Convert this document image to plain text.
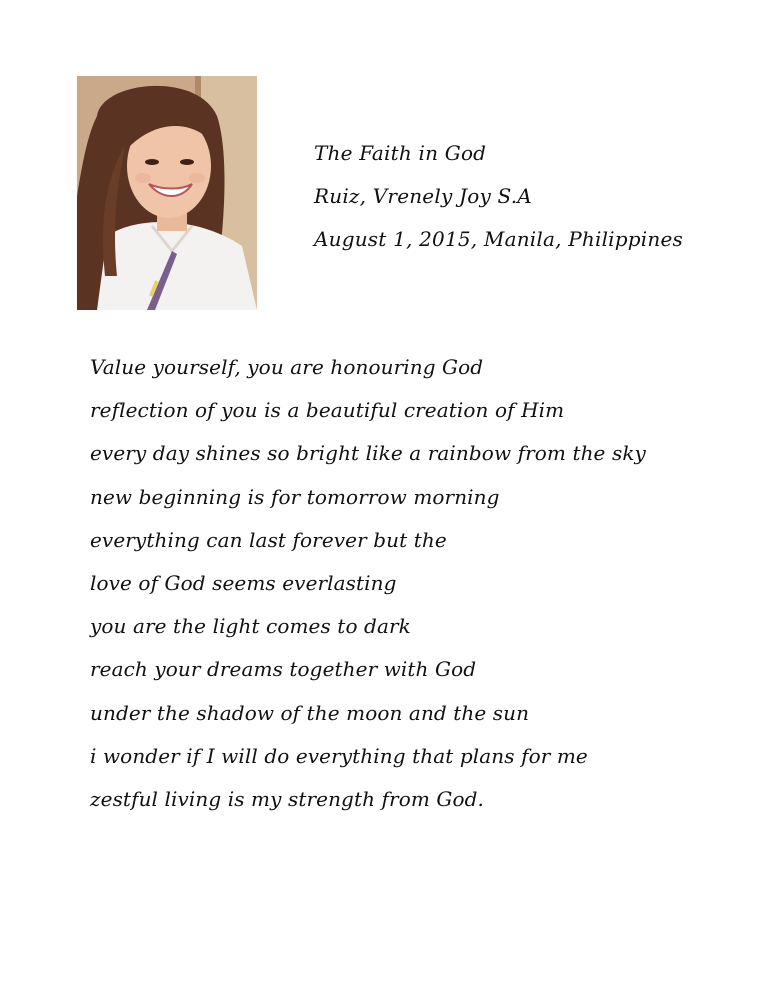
The Faith in God
Ruiz, Vrenely Joy S.A
August 1, 2015, Manila, Philippines
Value yourself, you are honouring God
reflection of you is a beautiful creation of Him
every day shines so bright like a rainbow from the sky
new beginning is for tomorrow morning
everything can last forever but the
love of God seems everlasting
you are the light comes to dark
reach your dreams together with God
under the shadow of the moon and the sun
i wonder if I will do everything that plans for me
zestful living is my strength from God.
